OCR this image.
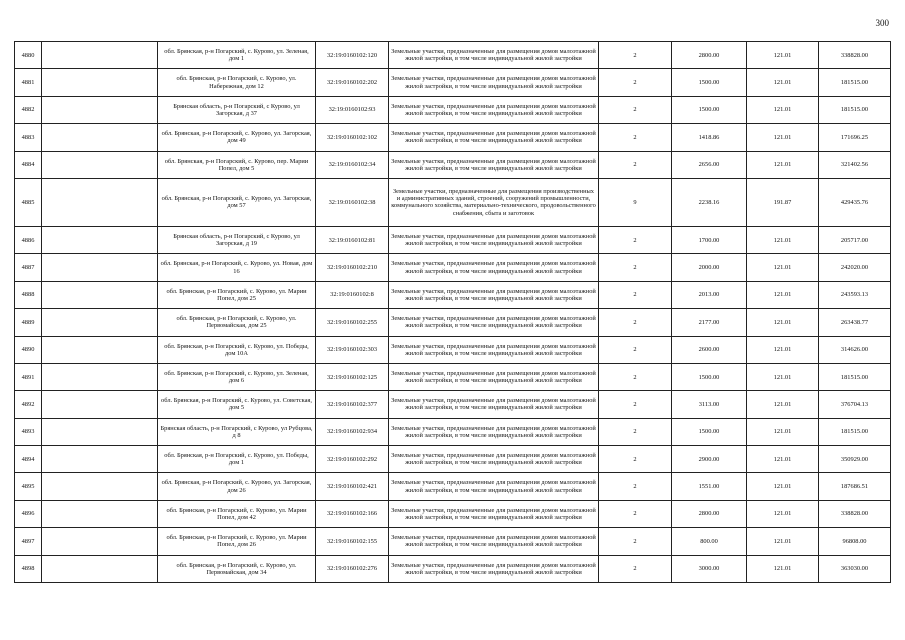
300
4880		обл. Брянская, р-н Погарский, с. Курово, ул. Зеленая, дом 1	32:19:0160102:120	Земельные участки, предназначенные для размещения домов малоэтажной жилой застройки, в том числе индивидуальной жилой застройки	2	2800.00	121.01	338828.00
4881		обл. Брянская, р-н Погарский, с. Курово, ул. Набережная, дом 12	32:19:0160102:202	Земельные участки, предназначенные для размещения домов малоэтажной жилой застройки, в том числе индивидуальной жилой застройки	2	1500.00	121.01	181515.00
4882		Брянская область, р-н Погарский, с Курово, ул Загорская, д 37	32:19:0160102:93	Земельные участки, предназначенные для размещения домов малоэтажной жилой застройки, в том числе индивидуальной жилой застройки	2	1500.00	121.01	181515.00
4883		обл. Брянская, р-н Погарский, с. Курово, ул. Загорская, дом 49	32:19:0160102:102	Земельные участки, предназначенные для размещения домов малоэтажной жилой застройки, в том числе индивидуальной жилой застройки	2	1418.86	121.01	171696.25
4884		обл. Брянская, р-н Погарский, с. Курово, пер. Марии Попел, дом 5	32:19:0160102:34	Земельные участки, предназначенные для размещения домов малоэтажной жилой застройки, в том числе индивидуальной жилой застройки	2	2656.00	121.01	321402.56
4885		обл. Брянская, р-н Погарский, с. Курово, ул. Загорская, дом 57	32:19:0160102:38	Земельные участки, предназначенные для размещения производственных и административных зданий, строений, сооружений промышленности, коммунального хозяйства, материально-технического, продовольственного снабжения, сбыта и заготовок	9	2238.16	191.87	429435.76
4886		Брянская область, р-н Погарский, с Курово, ул Загорская, д 19	32:19:0160102:81	Земельные участки, предназначенные для размещения домов малоэтажной жилой застройки, в том числе индивидуальной жилой застройки	2	1700.00	121.01	205717.00
4887		обл. Брянская, р-н Погарский, с. Курово, ул. Новая, дом 16	32:19:0160102:210	Земельные участки, предназначенные для размещения домов малоэтажной жилой застройки, в том числе индивидуальной жилой застройки	2	2000.00	121.01	242020.00
4888		обл. Брянская, р-н Погарский, с. Курово, ул. Марии Попел, дом 25	32:19:0160102:8	Земельные участки, предназначенные для размещения домов малоэтажной жилой застройки, в том числе индивидуальной жилой застройки	2	2013.00	121.01	243593.13
4889		обл. Брянская, р-н Погарский, с. Курово, ул. Первомайская, дом 25	32:19:0160102:255	Земельные участки, предназначенные для размещения домов малоэтажной жилой застройки, в том числе индивидуальной жилой застройки	2	2177.00	121.01	263438.77
4890		обл. Брянская, р-н Погарский, с. Курово, ул. Победы, дом 10А	32:19:0160102:303	Земельные участки, предназначенные для размещения домов малоэтажной жилой застройки, в том числе индивидуальной жилой застройки	2	2600.00	121.01	314626.00
4891		обл. Брянская, р-н Погарский, с. Курово, ул. Зеленая, дом 6	32:19:0160102:125	Земельные участки, предназначенные для размещения домов малоэтажной жилой застройки, в том числе индивидуальной жилой застройки	2	1500.00	121.01	181515.00
4892		обл. Брянская, р-н Погарский, с. Курово, ул. Советская, дом 5	32:19:0160102:377	Земельные участки, предназначенные для размещения домов малоэтажной жилой застройки, в том числе индивидуальной жилой застройки	2	3113.00	121.01	376704.13
4893		Брянская область, р-н Погарский, с Курово, ул Рубцова, д 8	32:19:0160102:934	Земельные участки, предназначенные для размещения домов малоэтажной жилой застройки, в том числе индивидуальной жилой застройки	2	1500.00	121.01	181515.00
4894		обл. Брянская, р-н Погарский, с. Курово, ул. Победы, дом 1	32:19:0160102:292	Земельные участки, предназначенные для размещения домов малоэтажной жилой застройки, в том числе индивидуальной жилой застройки	2	2900.00	121.01	350929.00
4895		обл. Брянская, р-н Погарский, с. Курово, ул. Загорская, дом 26	32:19:0160102:421	Земельные участки, предназначенные для размещения домов малоэтажной жилой застройки, в том числе индивидуальной жилой застройки	2	1551.00	121.01	187686.51
4896		обл. Брянская, р-н Погарский, с. Курово, ул. Марии Попел, дом 42	32:19:0160102:166	Земельные участки, предназначенные для размещения домов малоэтажной жилой застройки, в том числе индивидуальной жилой застройки	2	2800.00	121.01	338828.00
4897		обл. Брянская, р-н Погарский, с. Курово, ул. Марии Попел, дом 26	32:19:0160102:155	Земельные участки, предназначенные для размещения домов малоэтажной жилой застройки, в том числе индивидуальной жилой застройки	2	800.00	121.01	96808.00
4898		обл. Брянская, р-н Погарский, с. Курово, ул. Первомайская, дом 34	32:19:0160102:276	Земельные участки, предназначенные для размещения домов малоэтажной жилой застройки, в том числе индивидуальной жилой застройки	2	3000.00	121.01	363030.00
